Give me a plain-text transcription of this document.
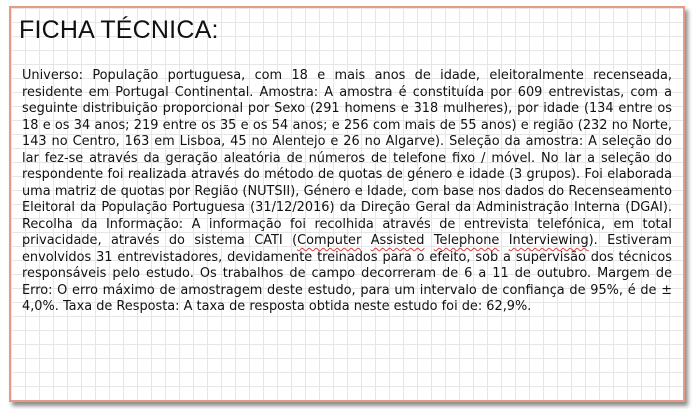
FICHA TÉCNICA:

Universo: População portuguesa, com 18 e mais anos de idade, eleitoralmente recenseada, residente em Portugal Continental. Amostra: A amostra é constituída por 609 entrevistas, com a seguinte distribuição proporcional por Sexo (291 homens e 318 mulheres), por idade (134 entre os 18 e os 34 anos; 219 entre os 35 e os 54 anos; e 256 com mais de 55 anos) e região (232 no Norte, 143 no Centro, 163 em Lisboa, 45 no Alentejo e 26 no Algarve). Seleção da amostra: A seleção do lar fez-se através da geração aleatória de números de telefone fixo / móvel. No lar a seleção do respondente foi realizada através do método de quotas de género e idade (3 grupos). Foi elaborada uma matriz de quotas por Região (NUTSII), Género e Idade, com base nos dados do Recenseamento Eleitoral da População Portuguesa (31/12/2016) da Direção Geral da Administração Interna (DGAI). Recolha da Informação: A informação foi recolhida através de entrevista telefónica, em total privacidade, através do sistema CATI (Computer Assisted Telephone Interviewing). Estiveram envolvidos 31 entrevistadores, devidamente treinados para o efeito, sob a supervisão dos técnicos responsáveis pelo estudo. Os trabalhos de campo decorreram de 6 a 11 de outubro. Margem de Erro: O erro máximo de amostragem deste estudo, para um intervalo de confiança de 95%, é de ± 4,0%. Taxa de Resposta: A taxa de resposta obtida neste estudo foi de: 62,9%.
